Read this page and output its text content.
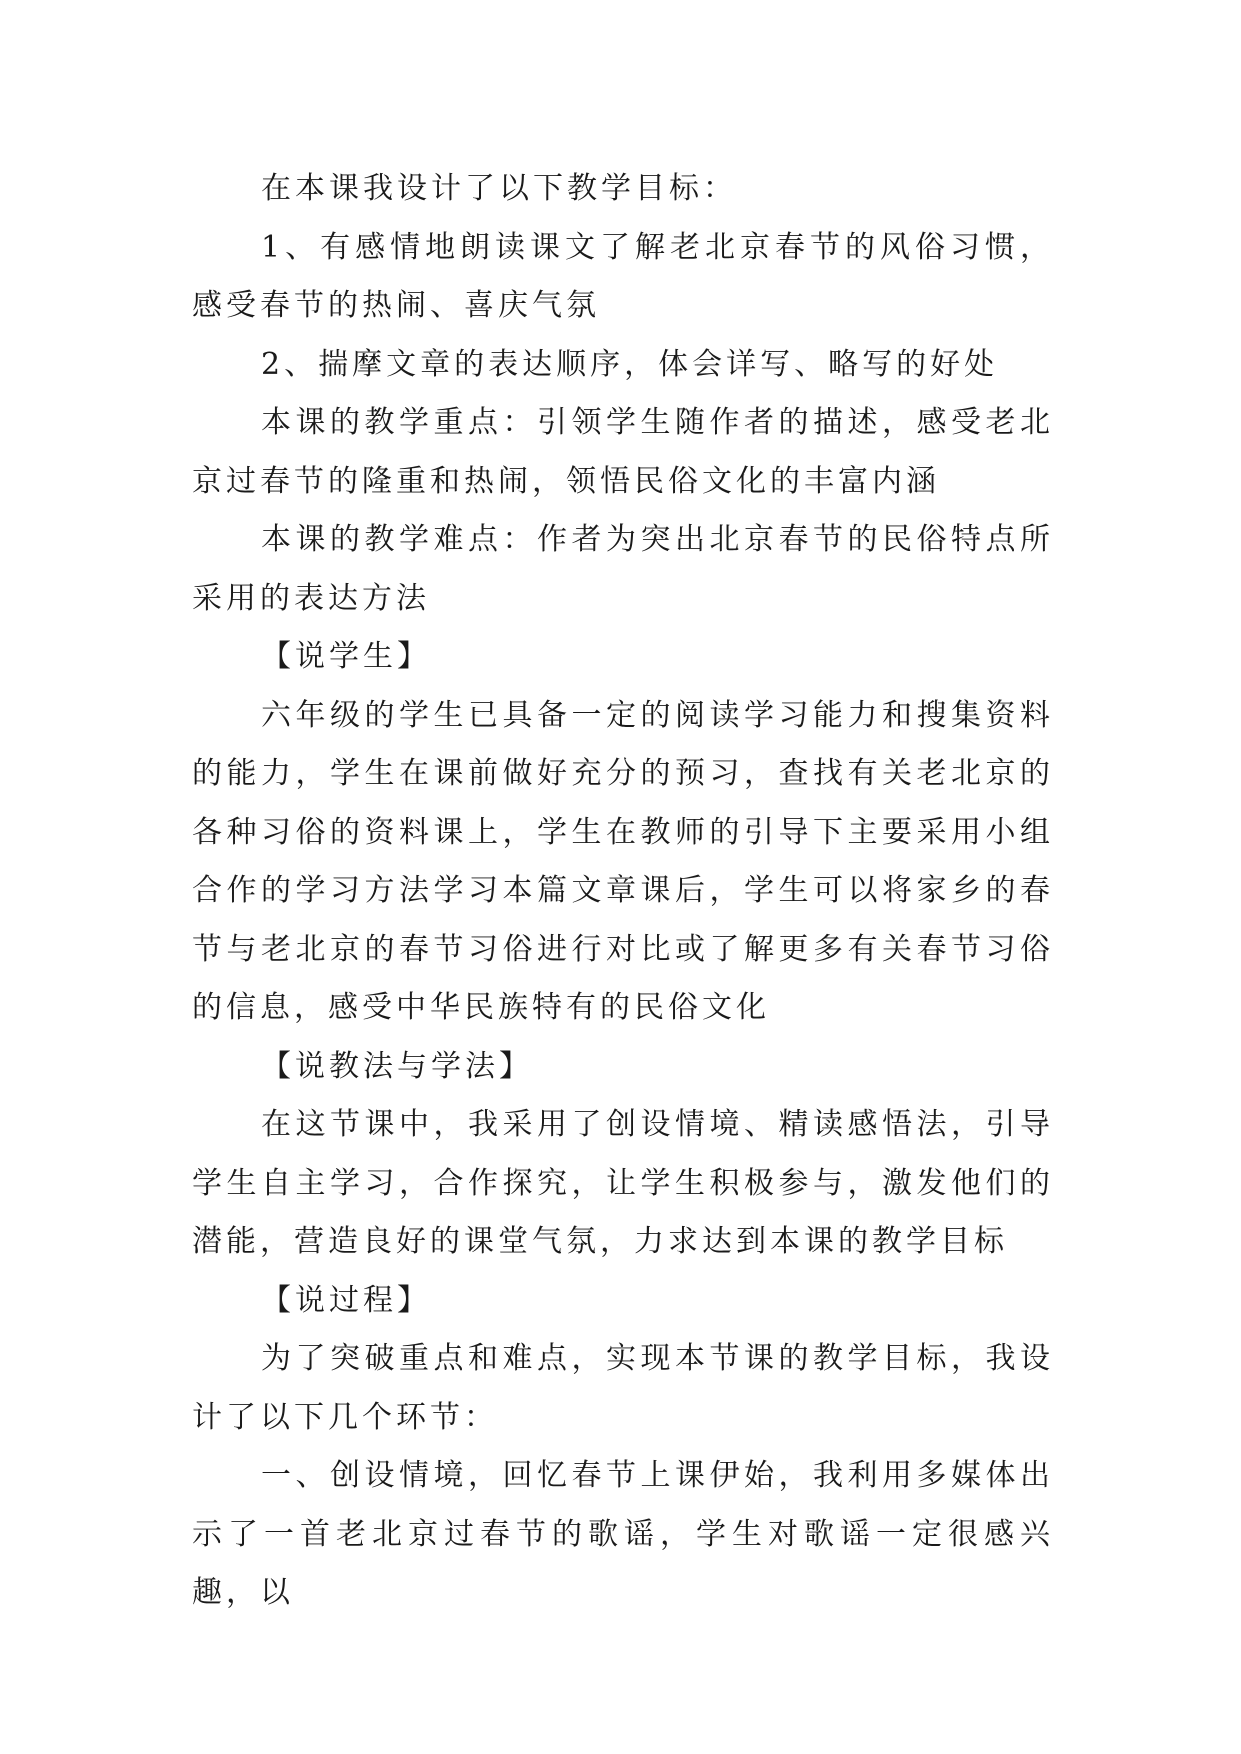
在本课我设计了以下教学目标：

1、有感情地朗读课文了解老北京春节的风俗习惯，感受春节的热闹、喜庆气氛

2、揣摩文章的表达顺序，体会详写、略写的好处

本课的教学重点：引领学生随作者的描述，感受老北京过春节的隆重和热闹，领悟民俗文化的丰富内涵

本课的教学难点：作者为突出北京春节的民俗特点所采用的表达方法

【说学生】

六年级的学生已具备一定的阅读学习能力和搜集资料的能力，学生在课前做好充分的预习，查找有关老北京的各种习俗的资料课上，学生在教师的引导下主要采用小组合作的学习方法学习本篇文章课后，学生可以将家乡的春节与老北京的春节习俗进行对比或了解更多有关春节习俗的信息，感受中华民族特有的民俗文化

【说教法与学法】

在这节课中，我采用了创设情境、精读感悟法，引导学生自主学习，合作探究，让学生积极参与，激发他们的潜能，营造良好的课堂气氛，力求达到本课的教学目标

【说过程】

为了突破重点和难点，实现本节课的教学目标，我设计了以下几个环节：

一、创设情境，回忆春节上课伊始，我利用多媒体出示了一首老北京过春节的歌谣，学生对歌谣一定很感兴趣，以
